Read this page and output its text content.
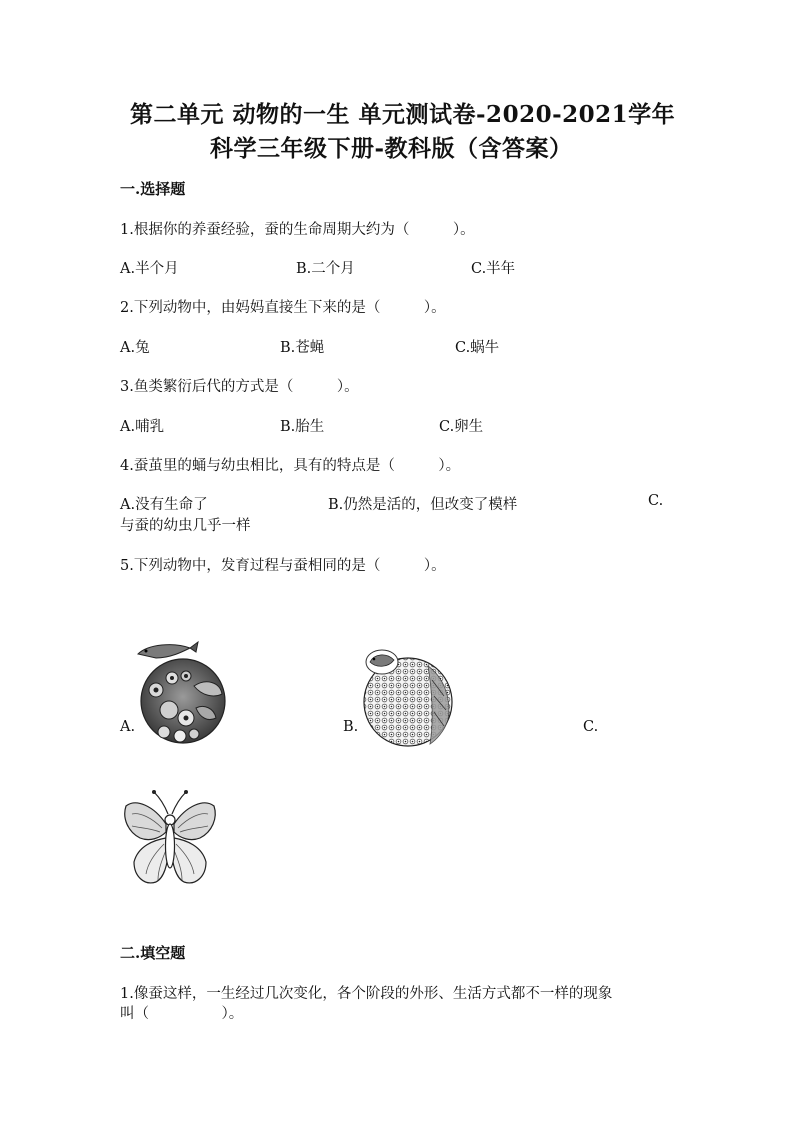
第二单元 动物的一生 单元测试卷-2020-2021学年
科学三年级下册-教科版（含答案）
一.选择题
1.根据你的养蚕经验，蚕的生命周期大约为（　　　）。
A.半个月	B.二个月	C.半年
2.下列动物中，由妈妈直接生下来的是（　　　）。
A.兔	B.苍蝇	C.蜗牛
3.鱼类繁衍后代的方式是（　　　）。
A.哺乳	B.胎生	C.卵生
4.蚕茧里的蛹与幼虫相比，具有的特点是（　　　）。
A.没有生命了	B.仍然是活的，但改变了模样	C.
与蚕的幼虫几乎一样
5.下列动物中，发育过程与蚕相同的是（　　　）。
A.	B.	C.
二.填空题
1.像蚕这样，一生经过几次变化，各个阶段的外形、生活方式都不一样的现象
叫（　　　　　）。
